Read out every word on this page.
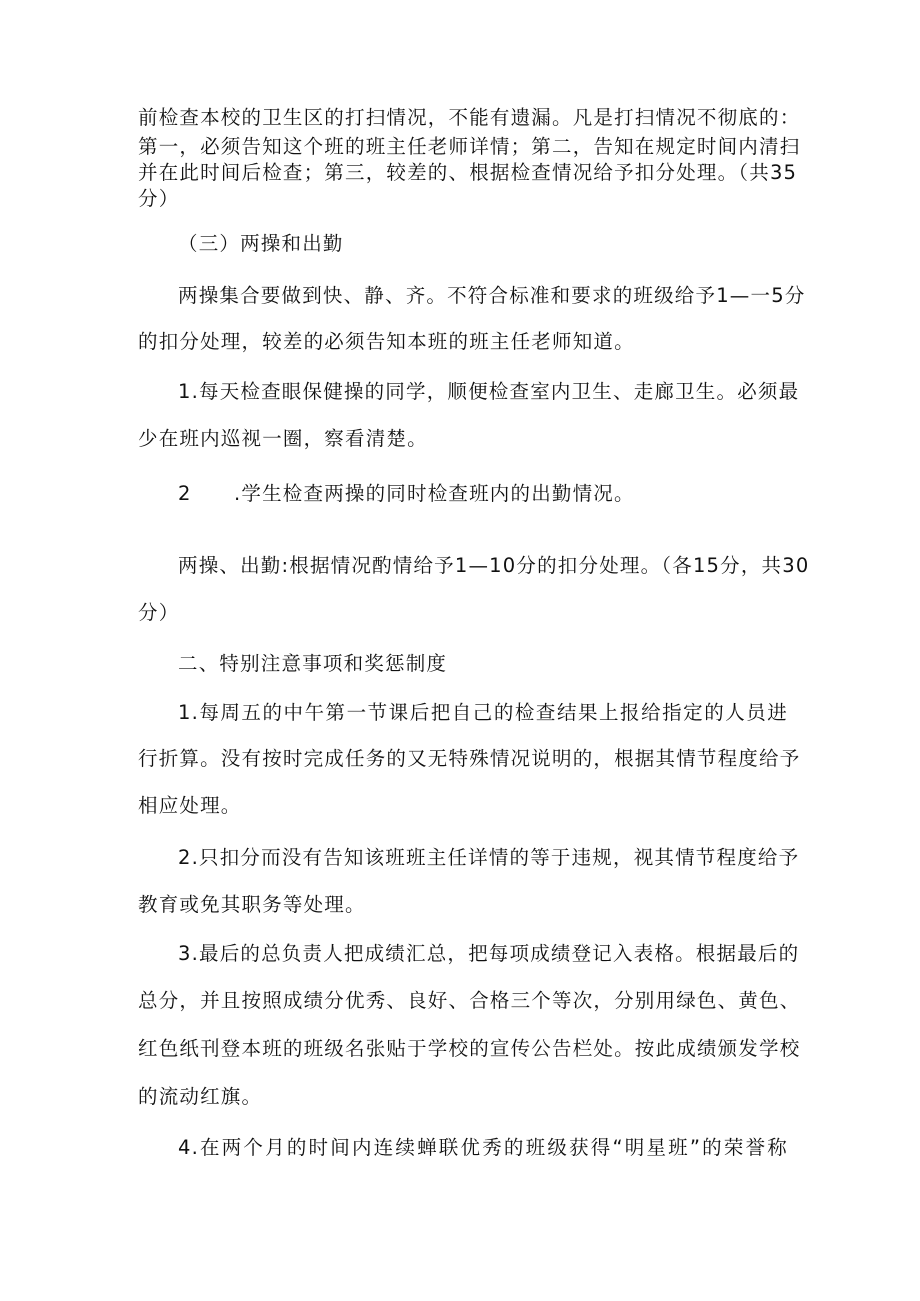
前检查本校的卫生区的打扫情况，不能有遗漏。凡是打扫情况不彻底的：
第一，必须告知这个班的班主任老师详情；第二，告知在规定时间内清扫
并在此时间后检查；第三，较差的、根据检查情况给予扣分处理。（共35
分）
（三）两操和出勤
两操集合要做到快、静、齐。不符合标准和要求的班级给予1—一5分
的扣分处理，较差的必须告知本班的班主任老师知道。
1.每天检查眼保健操的同学，顺便检查室内卫生、走廊卫生。必须最
少在班内巡视一圈，察看清楚。
2 .学生检查两操的同时检查班内的出勤情况。
两操、出勤:根据情况酌情给予1—10分的扣分处理。（各15分，共30
分）
二、特别注意事项和奖惩制度
1.每周五的中午第一节课后把自己的检查结果上报给指定的人员进
行折算。没有按时完成任务的又无特殊情况说明的，根据其情节程度给予
相应处理。
2.只扣分而没有告知该班班主任详情的等于违规，视其情节程度给予
教育或免其职务等处理。
3.最后的总负责人把成绩汇总，把每项成绩登记入表格。根据最后的
总分，并且按照成绩分优秀、良好、合格三个等次，分别用绿色、黄色、
红色纸刊登本班的班级名张贴于学校的宣传公告栏处。按此成绩颁发学校
的流动红旗。
4.在两个月的时间内连续蝉联优秀的班级获得“明星班”的荣誉称
